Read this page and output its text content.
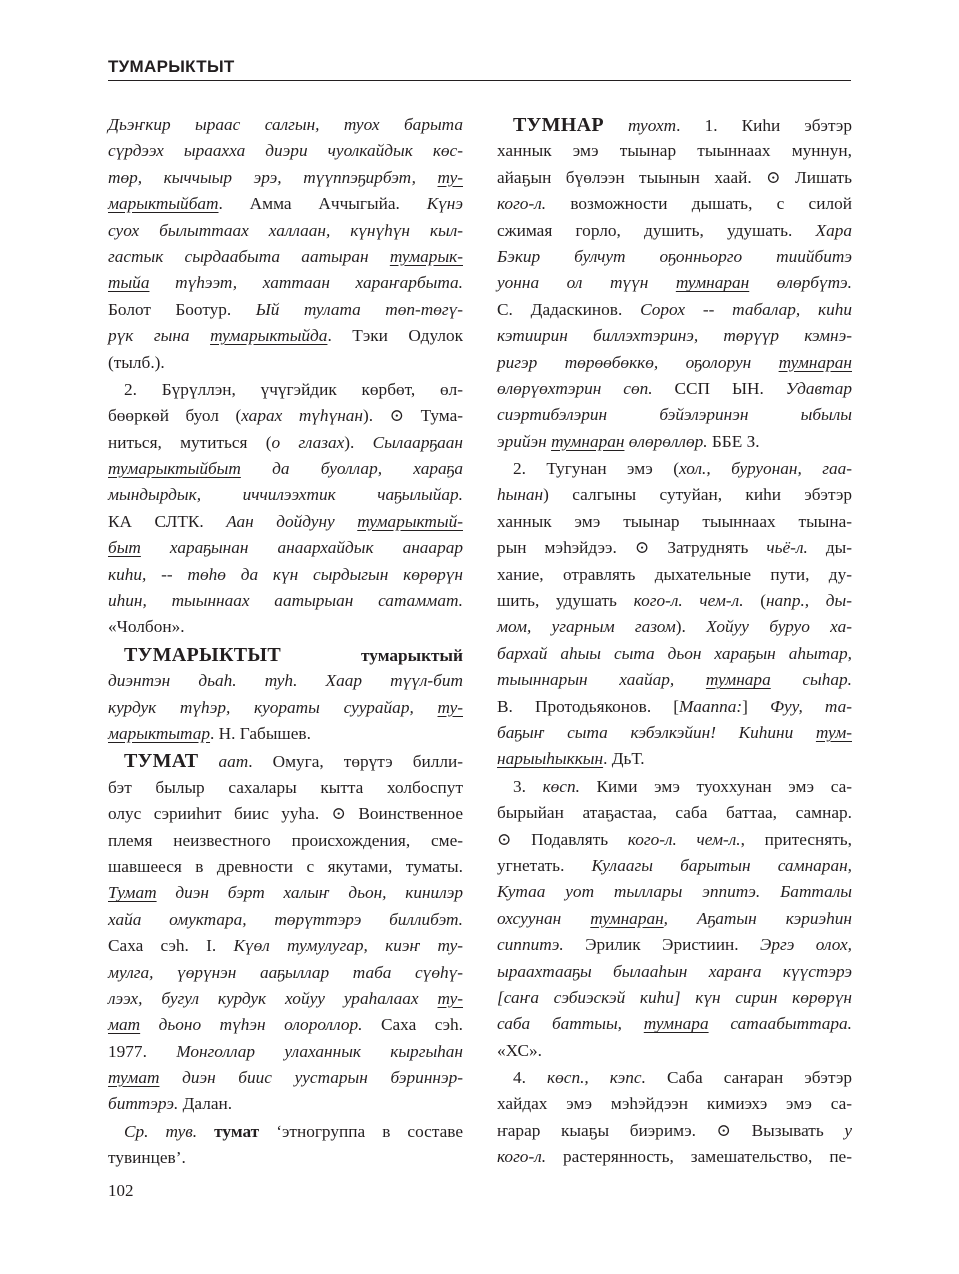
ТУМАРЫКТЫТ
Дьэҥкир ыраас салгын, туох барыта
сүрдээх ыраахха диэри чуолкайдык көс-
төр, кыччыыр эрэ, түүппэҕирбэт, ту-
марыктыйбат. Амма Аччыгыйа. Күнэ
суох былыттаах халлаан, күнүһүн кыл-
гастык сырдаабыта аатыран тумарык-
тыйа түһээт, хаттаан хараҥарбыта.
Болот Боотур. Ый тулата төп-төгү-
рүк гына тумарыктыйда. Тэки Одулок
(тылб.).
2. Бүрүллэн, үчүгэйдик көрбөт, өл-
бөөркөй буол (харах түһүнан). ⊙ Тума-
ниться, мутиться (о глазах). Сылаарҕаан
тумарыктыйбыт да буоллар, хараҕа
мындырдык, иччилээхтик чаҕылыйар.
КА СЛТК. Аан дойдуну тумарыктый-
быт хараҕынан анаархайдык анаарар
киһи, -- төһө да күн сырдыгын көрөрүн
иһин, тыыннаах аатырыан сатаммат.
«Чолбон».
ТУМАРЫКТЫТ	тумарыктый
диэнтэн дьаһ. туһ. Хаар түүл-бит
курдук түһэр, куораты суурайар, ту-
марыктытар. Н. Габышев.
ТУМАТ аат. Омуга, төрүтэ билли-
бэт былыр сахалары кытта холбоспут
олус сэрииһит биис ууһа. ⊙ Воинственное
племя неизвестного происхождения, сме-
шавшееся в древности с якутами, туматы.
Тумат диэн бэрт халыҥ дьон, кинилэр
хайа омуктара, төрүттэрэ биллибэт.
Саха сэһ. I. Күөл тумулугар, киэҥ ту-
мулга, үөрүнэн ааҕыллар таба сүөһү-
лээх, бугул курдук хойуу ураһалаах ту-
мат дьоно түһэн олороллор. Саха сэһ.
1977. Монголлар улаханнык кыргыһан
тумат диэн биис уустарын бэриннэр-
биттэрэ. Далан.
Ср. тув. тумат ‘этногруппа в составе
тувинцев’.
ТУМНАР туохт. 1. Киһи эбэтэр
ханнык эмэ тыынар тыыннаах муннун,
айаҕын бүөлээн тыынын хаай. ⊙ Лишать
кого-л. возможности дышать, с силой
сжимая горло, душить, удушать. Хара
Бэкир булчут оҕонньорго тиийбитэ
уонна ол түүн тумнаран өлөрбүтэ.
С. Дадаскинов. Сорох -- табалар, киһи
кэтиирин биллэхтэринэ, төрүүр кэмнэ-
ригэр төрөөбөккө, оҕолорун тумнаран
өлөрүөхтэрин сөп. ССП ЫН. Удавтар
сиэртибэлэрин бэйэлэринэн ыбылы
эрийэн тумнаран өлөрөллөр. ББЕ З.
2. Тугунан эмэ (хол., буруонан, гаа-
һынан) салгыны сутуйан, киһи эбэтэр
ханнык эмэ тыынар тыыннаах тыына-
рын мэһэйдээ. ⊙ Затруднять чьё-л. ды-
хание, отравлять дыхательные пути, ду-
шить, удушать кого-л. чем-л. (напр., ды-
мом, угарным газом). Хойуу буруо ха-
бархай аһыы сыта дьон хараҕын аһытар,
тыыннарын хаайар, тумнара сыһар.
В. Протодьяконов. [Мааппа:] Фуу, та-
баҕыҥ сыта кэбэлкэйин! Киһини тум-
нарыыһыккын. ДьТ.
3. көсп. Кими эмэ туоххунан эмэ са-
бырыйан атаҕастаа, саба баттаа, самнар.
⊙ Подавлять кого-л. чем-л., притеснять,
угнетать. Кулаагы барытын самнаран,
Кутаа уот тыллары эппитэ. Батталы
охсуунан тумнаран, Аҕатын кэриэһин
сиппитэ. Эрилик Эристиин. Эргэ олох,
ыраахтааҕы былааһын хараҥа күүстэрэ
[саҥа сэбиэскэй киһи] күн сирин көрөрүн
саба баттыы, тумнара сатаабыттара.
«ХС».
4. көсп., кэпс. Саба саҥаран эбэтэр
хайдах эмэ мэһэйдээн кимиэхэ эмэ са-
ҥарар кыаҕы биэримэ. ⊙ Вызывать у
кого-л. растерянность, замешательство, пе-
102
